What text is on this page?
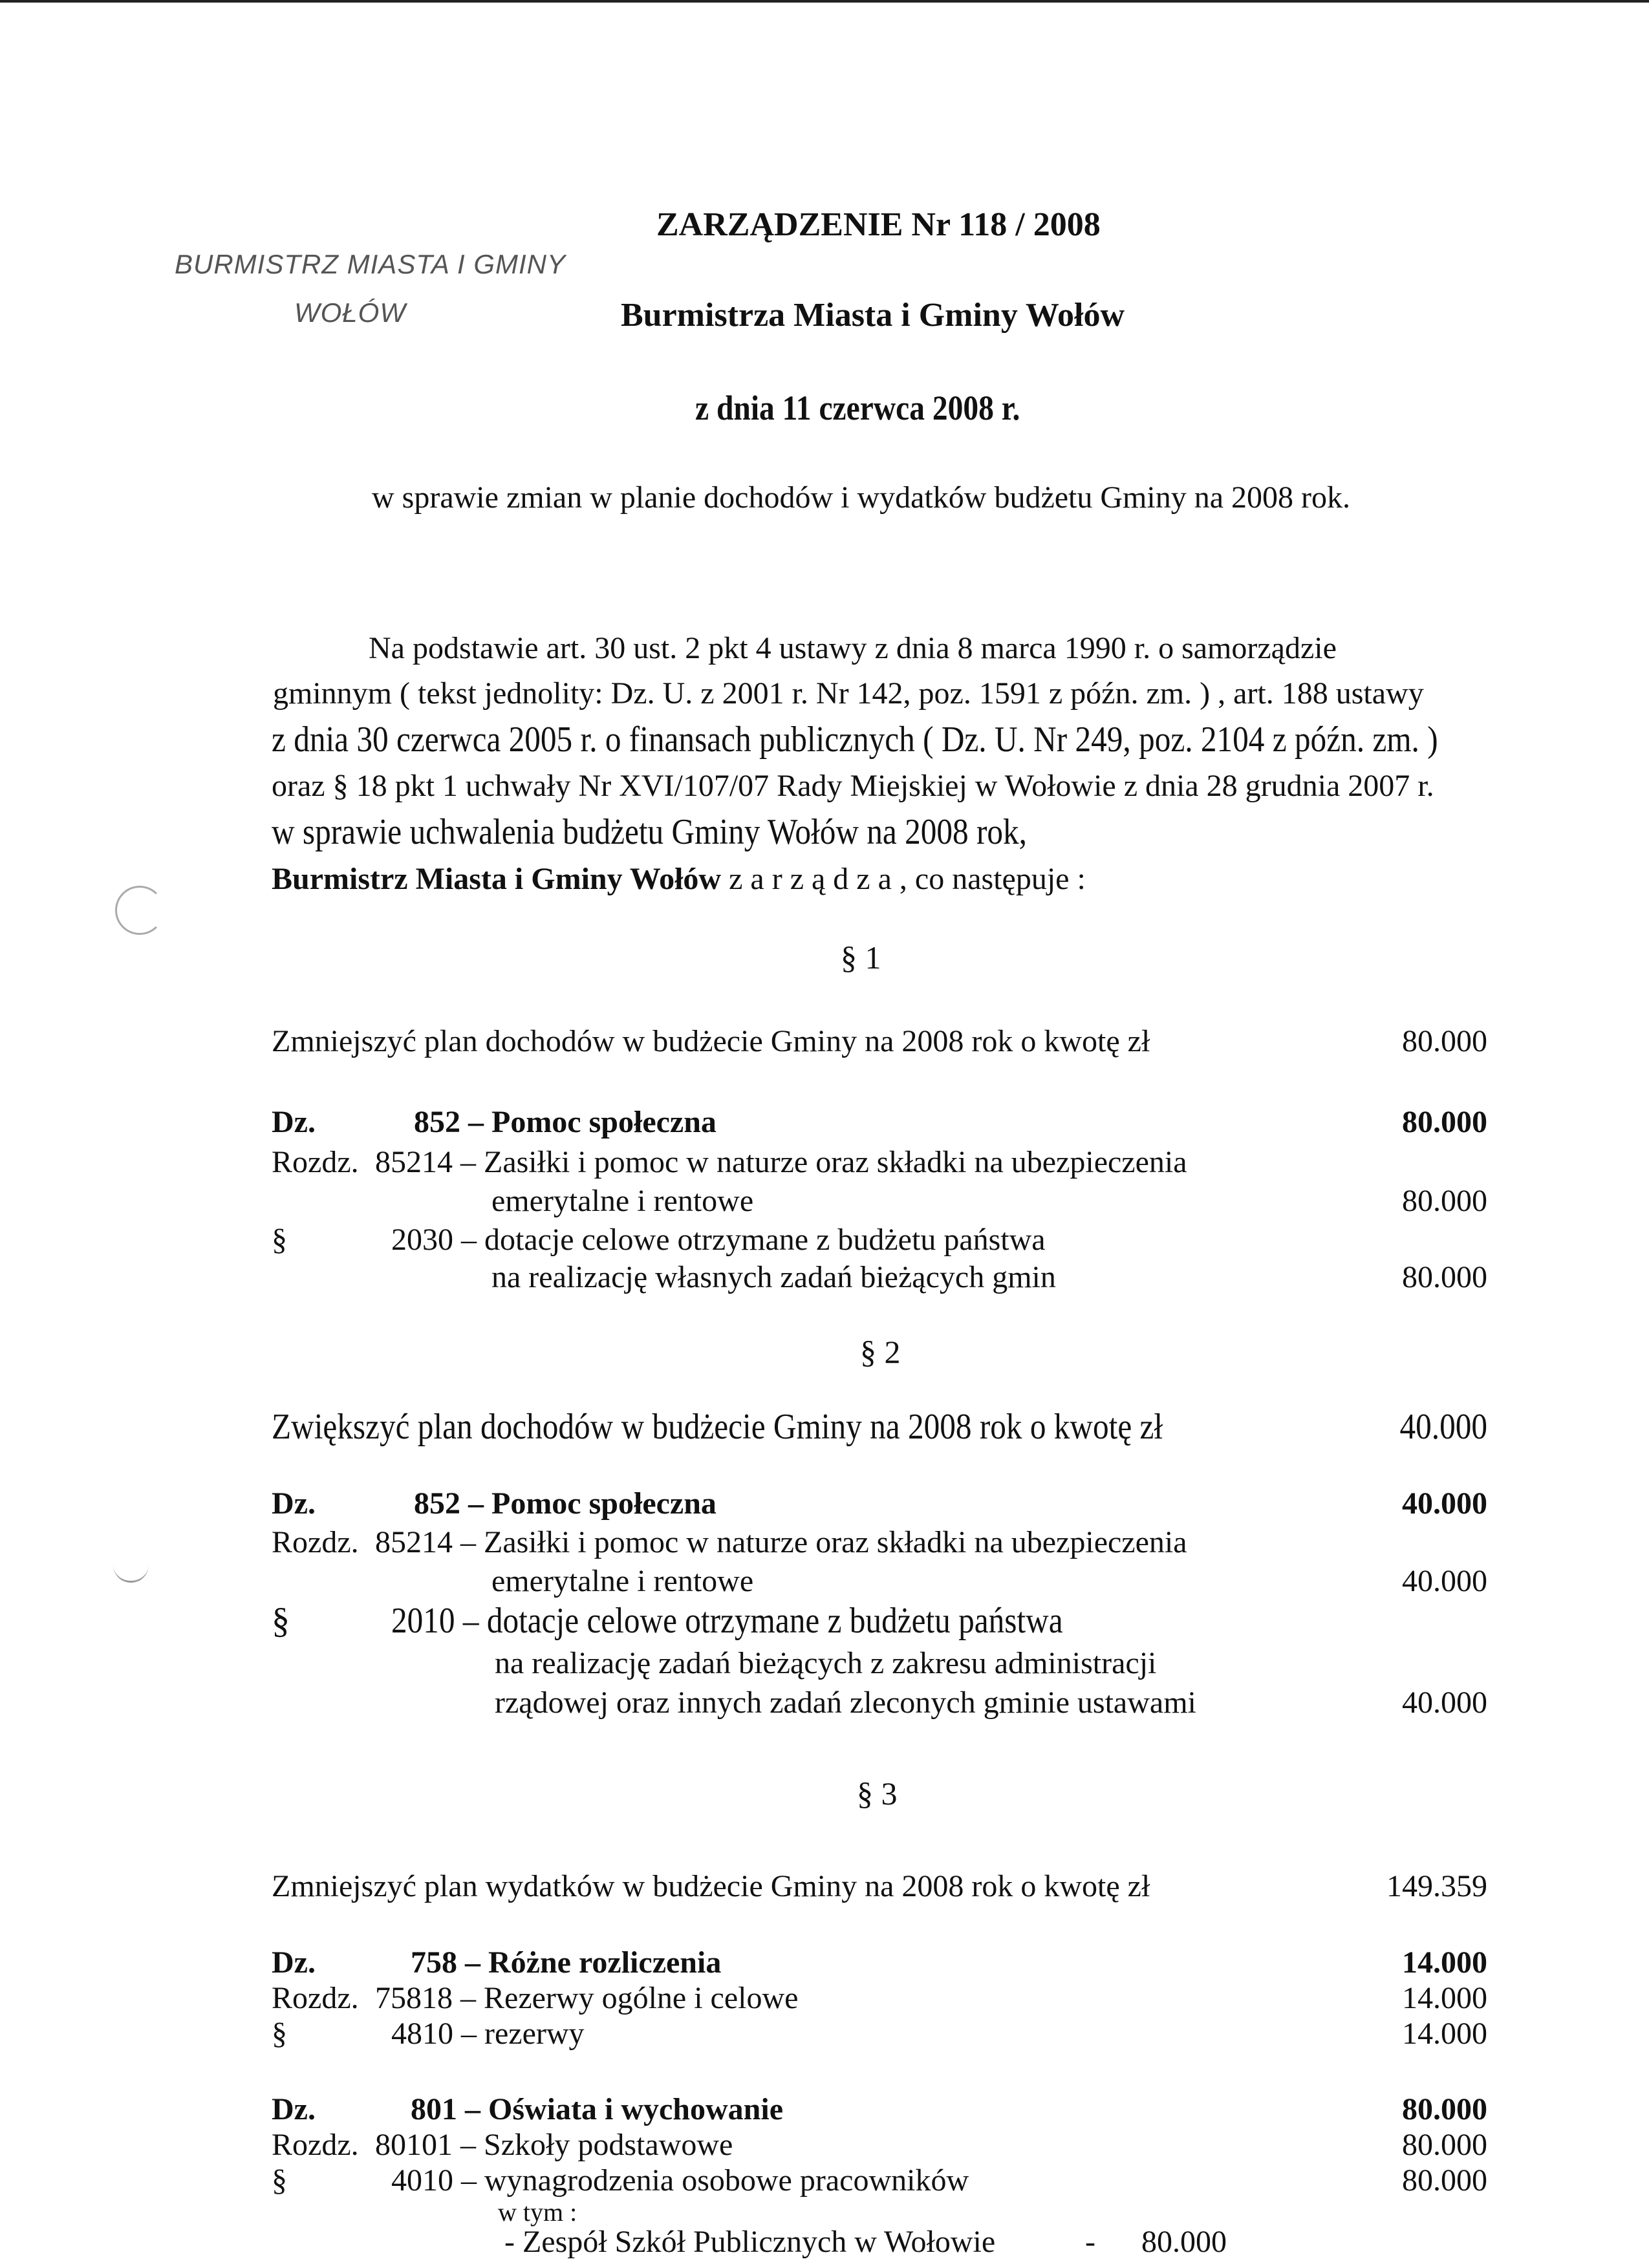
BURMISTRZ MIASTA I GMINY
WOŁÓW
ZARZĄDZENIE Nr 118 / 2008
Burmistrza Miasta i Gminy Wołów
z dnia 11 czerwca 2008 r.
w sprawie zmian w planie dochodów i wydatków budżetu Gminy na 2008 rok.
Na podstawie art. 30 ust. 2 pkt 4 ustawy z dnia 8 marca 1990 r. o samorządzie
gminnym ( tekst jednolity: Dz. U. z 2001 r. Nr 142, poz. 1591 z późn. zm. ) , art. 188 ustawy
z dnia 30 czerwca 2005 r. o finansach publicznych ( Dz. U. Nr 249, poz. 2104 z późn. zm. )
oraz § 18 pkt 1 uchwały Nr XVI/107/07 Rady Miejskiej w Wołowie z dnia 28 grudnia 2007 r.
w sprawie uchwalenia budżetu Gminy Wołów na 2008 rok,
Burmistrz Miasta i Gminy Wołów z a r z ą d z a , co następuje :
§ 1
Zmniejszyć plan dochodów w budżecie Gminy na 2008 rok o kwotę zł	80.000
Dz.	852 – Pomoc społeczna	80.000
Rozdz. 85214 – Zasiłki i pomoc w naturze oraz składki na ubezpieczenia
emerytalne i rentowe	80.000
§	2030 – dotacje celowe otrzymane z budżetu państwa
na realizację własnych zadań bieżących gmin	80.000
§ 2
Zwiększyć plan dochodów w budżecie Gminy na 2008 rok o kwotę zł	40.000
Dz.	852 – Pomoc społeczna	40.000
Rozdz. 85214 – Zasiłki i pomoc w naturze oraz składki na ubezpieczenia
emerytalne i rentowe	40.000
§	2010 – dotacje celowe otrzymane z budżetu państwa
na realizację zadań bieżących z zakresu administracji
rządowej oraz innych zadań zleconych gminie ustawami	40.000
§ 3
Zmniejszyć plan wydatków w budżecie Gminy na 2008 rok o kwotę zł	149.359
Dz.	758 – Różne rozliczenia	14.000
Rozdz. 75818 – Rezerwy ogólne i celowe	14.000
§	4810 – rezerwy	14.000
Dz.	801 – Oświata i wychowanie	80.000
Rozdz. 80101 – Szkoły podstawowe	80.000
§	4010 – wynagrodzenia osobowe pracowników	80.000
w tym :
- Zespół Szkół Publicznych w Wołowie	- 80.000
